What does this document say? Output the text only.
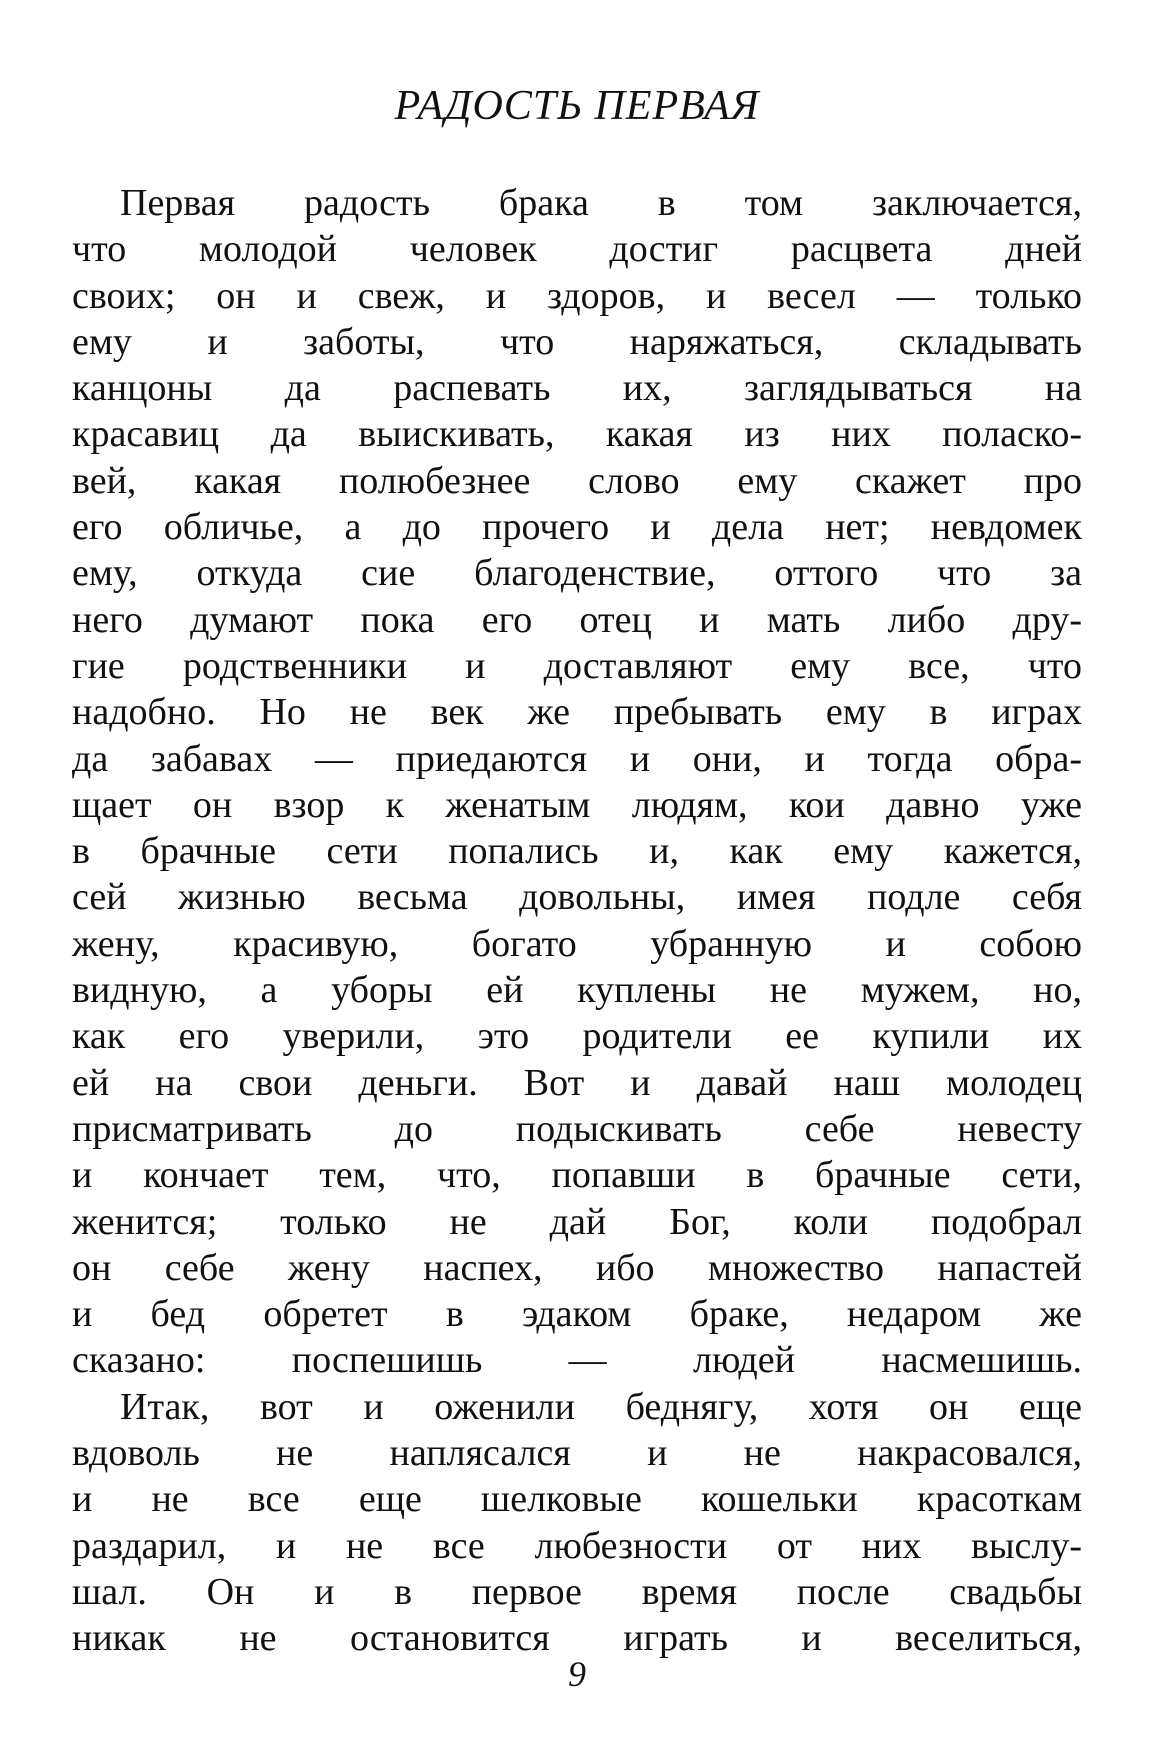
РАДОСТЬ ПЕРВАЯ
Первая радость брака в том заключается,
что молодой человек достиг расцвета дней
своих; он и свеж, и здоров, и весел — только
ему и заботы, что наряжаться, складывать
канцоны да распевать их, заглядываться на
красавиц да выискивать, какая из них поласко-
вей, какая полюбезнее слово ему скажет про
его обличье, а до прочего и дела нет; невдомек
ему, откуда сие благоденствие, оттого что за
него думают пока его отец и мать либо дру-
гие родственники и доставляют ему все, что
надобно. Но не век же пребывать ему в играх
да забавах — приедаются и они, и тогда обра-
щает он взор к женатым людям, кои давно уже
в брачные сети попались и, как ему кажется,
сей жизнью весьма довольны, имея подле себя
жену, красивую, богато убранную и собою
видную, а уборы ей куплены не мужем, но,
как его уверили, это родители ее купили их
ей на свои деньги. Вот и давай наш молодец
присматривать до подыскивать себе невесту
и кончает тем, что, попавши в брачные сети,
женится; только не дай Бог, коли подобрал
он себе жену наспех, ибо множество напастей
и бед обретет в эдаком браке, недаром же
сказано: поспешишь — людей насмешишь.
Итак, вот и оженили беднягу, хотя он еще
вдоволь не наплясался и не накрасовался,
и не все еще шелковые кошельки красоткам
раздарил, и не все любезности от них выслу-
шал. Он и в первое время после свадьбы
никак не остановится играть и веселиться,
9
